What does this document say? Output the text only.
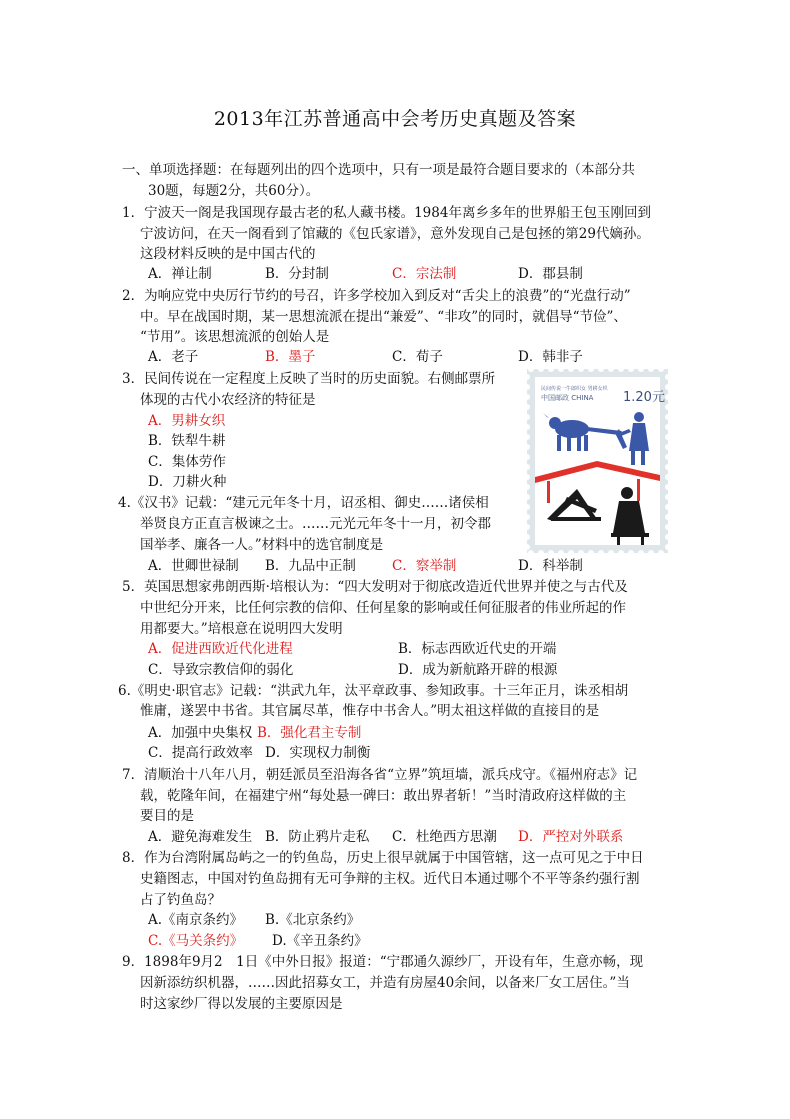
2013年江苏普通高中会考历史真题及答案
一、单项选择题：在每题列出的四个选项中，只有一项是最符合题目要求的（本部分共
30题，每题2分，共60分）。
1．宁波天一阁是我国现存最古老的私人藏书楼。1984年离乡多年的世界船王包玉刚回到
宁波访问，在天一阁看到了馆藏的《包氏家谱》，意外发现自己是包拯的第29代嫡孙。
这段材料反映的是中国古代的
A．禅让制	B．分封制	C．宗法制	D．郡县制
2．为响应党中央厉行节约的号召，许多学校加入到反对“舌尖上的浪费”的“光盘行动”
中。早在战国时期，某一思想流派在提出“兼爱”、“非攻”的同时，就倡导“节俭”、
“节用”。该思想流派的创始人是
A．老子	B．墨子	C．荀子	D．韩非子
3．民间传说在一定程度上反映了当时的历史面貌。右侧邮票所
体现的古代小农经济的特征是
A．男耕女织
B．铁犁牛耕
C．集体劳作
D．刀耕火种
民间传说一牛郎织女 男耕女织
中国邮政 CHINA 1.20元
4.《汉书》记载：“建元元年冬十月，诏丞相、御史……诸侯相
举贤良方正直言极谏之士。……元光元年冬十一月，初令郡
国举孝、廉各一人。”材料中的选官制度是
A．世卿世禄制 B．九品中正制	C．察举制	D．科举制
5．英国思想家弗朗西斯·培根认为：“四大发明对于彻底改造近代世界并使之与古代及
中世纪分开来，比任何宗教的信仰、任何星象的影响或任何征服者的伟业所起的作
用都要大。”培根意在说明四大发明
A．促进西欧近代化进程	B．标志西欧近代史的开端
C．导致宗教信仰的弱化	D．成为新航路开辟的根源
6.《明史·职官志》记载：“洪武九年，汰平章政事、参知政事。十三年正月，诛丞相胡
惟庸，遂罢中书省。其官属尽革，惟存中书舍人。”明太祖这样做的直接目的是
A．加强中央集权 B．强化君主专制
C．提高行政效率 D．实现权力制衡
7．清顺治十八年八月，朝廷派员至沿海各省“立界”筑垣墙，派兵戍守。《福州府志》记
载，乾隆年间，在福建宁州“每处悬一碑曰：敢出界者斩！”当时清政府这样做的主
要目的是
A．避免海难发生 B．防止鸦片走私 C．杜绝西方思潮 D．严控对外联系
8．作为台湾附属岛屿之一的钓鱼岛，历史上很早就属于中国管辖，这一点可见之于中日
史籍图志，中国对钓鱼岛拥有无可争辩的主权。近代日本通过哪个不平等条约强行割
占了钓鱼岛？
A.《南京条约》 B.《北京条约》
C.《马关条约》 D.《辛丑条约》
9．1898年9月2　1日《中外日报》报道：“宁郡通久源纱厂，开设有年，生意亦畅，现
因新添纺织机器，……因此招募女工，并造有房屋40余间，以备来厂女工居住。”当
时这家纱厂得以发展的主要原因是
